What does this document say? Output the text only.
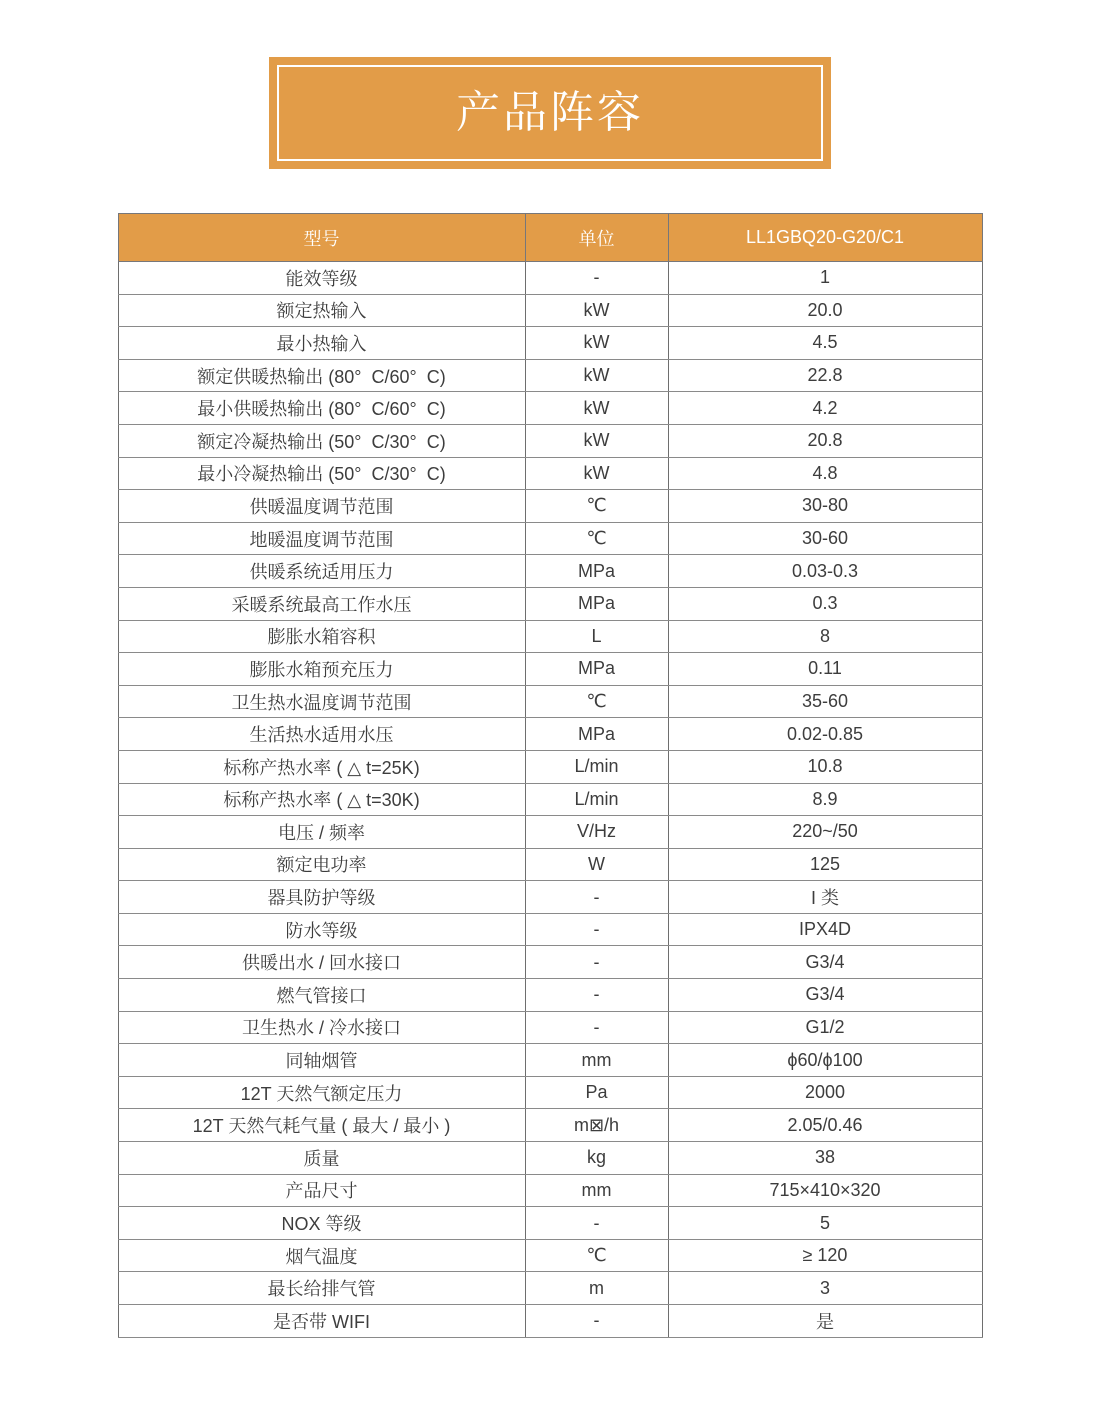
产品阵容
型号	单位	LL1GBQ20-G20/C1
能效等级	-	1
额定热输入	kW	20.0
最小热输入	kW	4.5
额定供暖热输出 (80°  C/60°  C)	kW	22.8
最小供暖热输出 (80°  C/60°  C)	kW	4.2
额定冷凝热输出 (50°  C/30°  C)	kW	20.8
最小冷凝热输出 (50°  C/30°  C)	kW	4.8
供暖温度调节范围	℃	30-80
地暖温度调节范围	℃	30-60
供暖系统适用压力	MPa	0.03-0.3
采暖系统最高工作水压	MPa	0.3
膨胀水箱容积	L	8
膨胀水箱预充压力	MPa	0.11
卫生热水温度调节范围	℃	35-60
生活热水适用水压	MPa	0.02-0.85
标称产热水率 ( △ t=25K)	L/min	10.8
标称产热水率 ( △ t=30K)	L/min	8.9
电压 / 频率	V/Hz	220~/50
额定电功率	W	125
器具防护等级	-	I 类
防水等级	-	IPX4D
供暖出水 / 回水接口	-	G3/4
燃气管接口	-	G3/4
卫生热水 / 冷水接口	-	G1/2
同轴烟管	mm	ϕ60/ϕ100
12T 天然气额定压力	Pa	2000
12T 天然气耗气量 ( 最大 / 最小 )	m⊠/h	2.05/0.46
质量	kg	38
产品尺寸	mm	715×410×320
NOX 等级	-	5
烟气温度	℃	≥ 120
最长给排气管	m	3
是否带 WIFI	-	是
